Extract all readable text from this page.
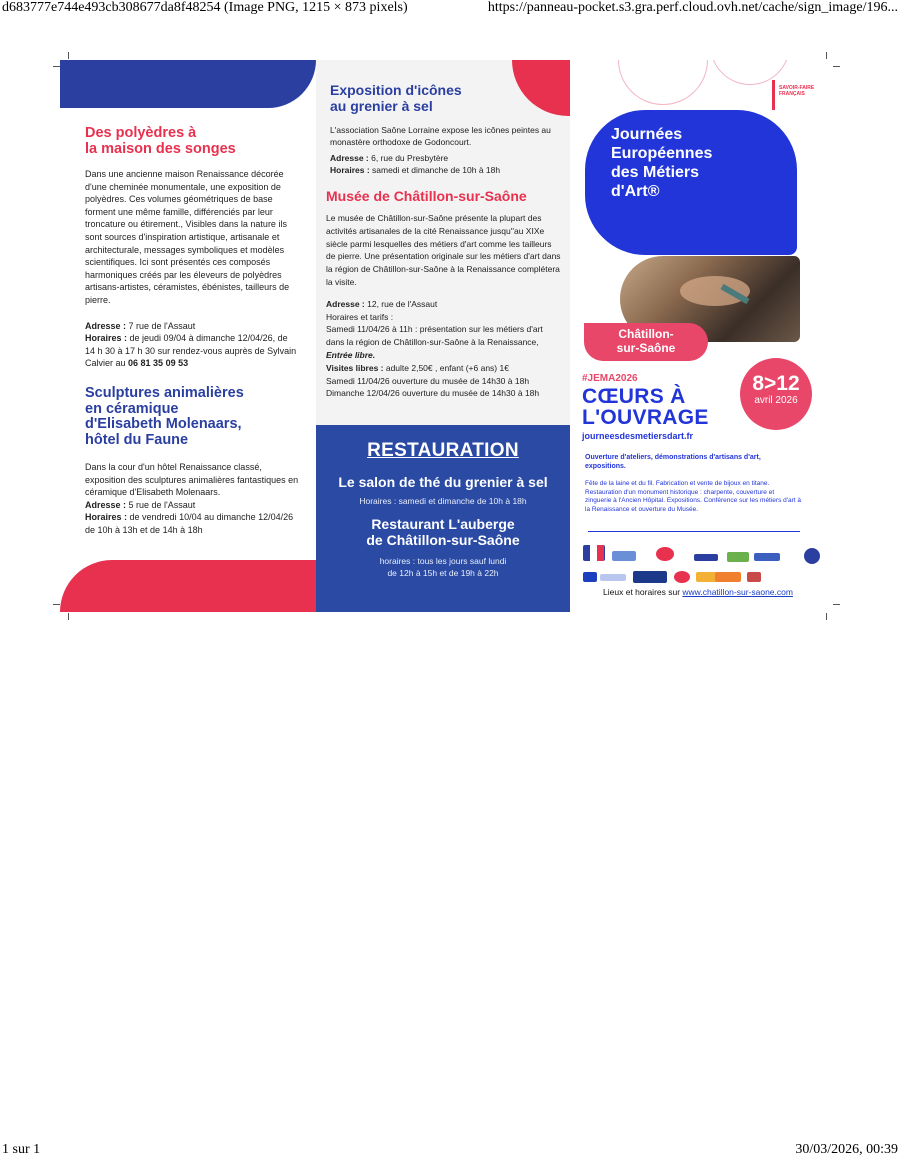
d683777e744e493cb308677da8f48254 (Image PNG, 1215 × 873 pixels)	https://panneau-pocket.s3.gra.perf.cloud.ovh.net/cache/sign_image/196...
1 sur 1	30/03/2026, 00:39
Des polyèdres à
la maison des songes

Dans une ancienne maison Renaissance décorée d'une cheminée monumentale, une exposition de polyèdres. Ces volumes géométriques de base forment une même famille, différenciés par leur troncature ou étirement., Visibles dans la nature ils sont sources d'inspiration artistique, artisanale et architecturale, messages symboliques et modèles scientifiques. Ici sont présentés ces composés harmoniques créés par les éleveurs de polyèdres artisans-artistes, céramistes, ébénistes, tailleurs de pierre.

Adresse : 7 rue de l'Assaut

Horaires : de jeudi 09/04 à dimanche 12/04/26, de 14 h 30 à 17 h 30 sur rendez-vous auprès de Sylvain Calvier au 06 81 35 09 53

Sculptures animalières
en céramique
d'Elisabeth Molenaars,
hôtel du Faune

Dans la cour d'un hôtel Renaissance classé, exposition des sculptures animalières fantastiques en céramique d'Elisabeth Molenaars.

Adresse : 5 rue de l'Assaut

Horaires : de vendredi 10/04 au dimanche 12/04/26 de 10h à 13h et de 14h à 18h

Exposition d'icônes
au grenier à sel

L'association Saône Lorraine expose les icônes peintes au monastère orthodoxe de Godoncourt.

Adresse : 6, rue du Presbytère

Horaires : samedi et dimanche de 10h à 18h

Musée de Châtillon-sur-Saône

Le musée de Châtillon-sur-Saône présente la plupart des activités artisanales de la cité Renaissance jusqu''au XIXe siècle parmi lesquelles des métiers d'art comme les tailleurs de pierre. Une présentation originale sur les métiers d'art dans la région de Châtillon-sur-Saône à la Renaissance complétera la visite.

Adresse : 12, rue de l'Assaut

Horaires et tarifs :

Samedi 11/04/26 à 11h : présentation sur les métiers d'art dans la région de Châtillon-sur-Saône à la Renaissance,

Entrée libre.

Visites libres : adulte 2,50€ , enfant (+6 ans) 1€

Samedi 11/04/26 ouverture du musée de 14h30 à 18h

Dimanche 12/04/26 ouverture du musée de 14h30 à 18h

RESTAURATION
Le salon de thé du grenier à sel
Horaires : samedi et dimanche de 10h à 18h
Restaurant L'auberge
de Châtillon-sur-Saône
horaires : tous les jours sauf lundi
de 12h à 15h et de 19h à 22h
SAVOIR-FAIRE
FRANÇAIS
Journées
Européennes
des Métiers
d'Art®
Châtillon-
sur-Saône
#JEMA2026
CŒURS À
L'OUVRAGE
8>12
avril 2026
journeesdesmetiersdart.fr
Ouverture d'ateliers, démonstrations d'artisans d'art, expositions.
Fête de la laine et du fil. Fabrication et vente de bijoux en titane. Restauration d'un monument historique : charpente, couverture et zinguerie à l'Ancien Hôpital. Expositions. Conférence sur les métiers d'art à la Renaissance et ouverture du Musée.
Lieux et horaires sur www.chatillon-sur-saone.com
